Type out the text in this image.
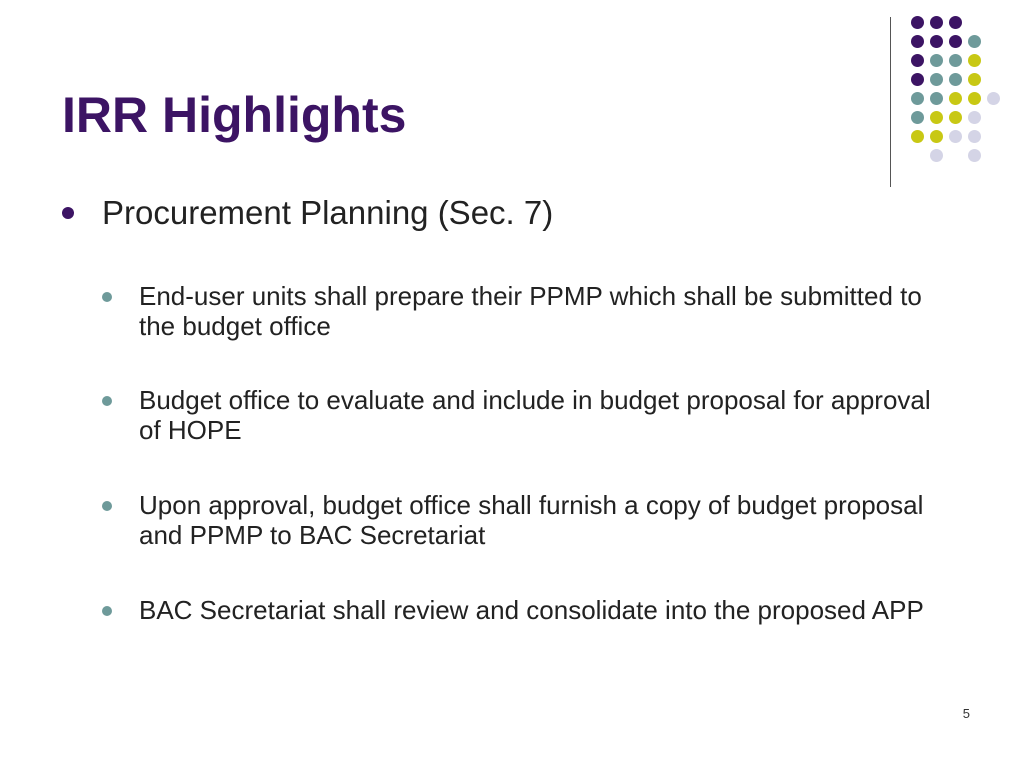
IRR Highlights
Procurement Planning (Sec. 7)
End-user units shall prepare their PPMP which shall be submitted to the budget office
Budget office to evaluate and include in budget proposal for approval of HOPE
Upon approval, budget office shall furnish a copy of budget proposal and PPMP to BAC Secretariat
BAC Secretariat shall review and consolidate into the proposed APP
5
